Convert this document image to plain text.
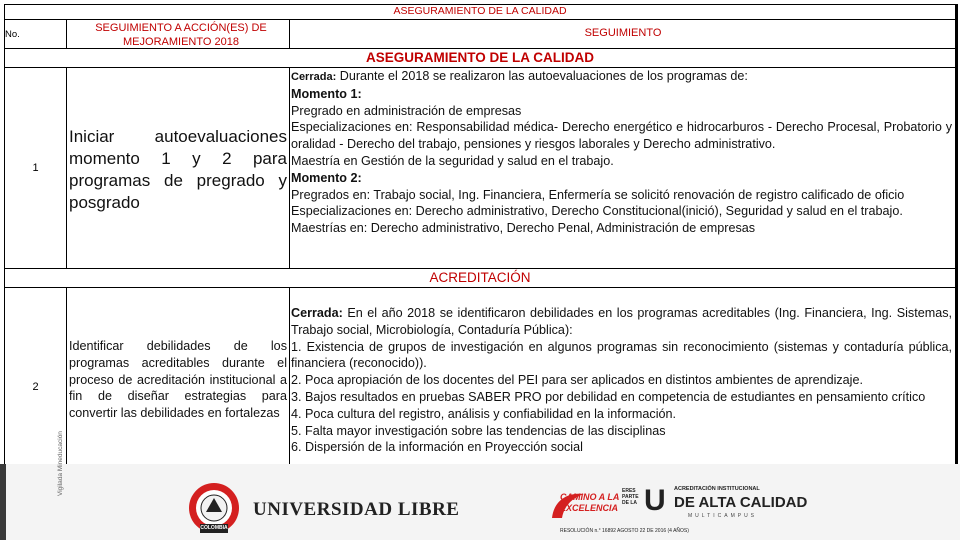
ASEGURAMIENTO DE LA CALIDAD
No.
SEGUIMIENTO A ACCIÓN(ES) DE MEJORAMIENTO 2018
SEGUIMIENTO
ASEGURAMIENTO DE LA CALIDAD
1
Iniciar autoevaluaciones momento 1 y 2 para programas de pregrado y posgrado
Cerrada: Durante el 2018 se realizaron las autoevaluaciones de los programas de:
Momento 1:
Pregrado en administración de empresas
Especializaciones en: Responsabilidad médica- Derecho energético e hidrocarburos - Derecho Procesal, Probatorio y oralidad - Derecho del trabajo, pensiones y riesgos laborales y Derecho administrativo.
Maestría en Gestión de la seguridad y salud en el trabajo.
Momento 2:
Pregrados en: Trabajo social, Ing. Financiera, Enfermería se solicitó renovación de registro calificado de oficio
Especializaciones en: Derecho administrativo, Derecho Constitucional(inició), Seguridad y salud en el trabajo.
Maestrías en: Derecho administrativo, Derecho Penal, Administración de empresas
ACREDITACIÓN
2
Identificar debilidades de los programas acreditables durante el proceso de acreditación institucional a fin de diseñar estrategias para convertir las debilidades en fortalezas
Cerrada: En el año 2018 se identificaron debilidades en los programas acreditables (Ing. Financiera, Ing. Sistemas, Trabajo social, Microbiología, Contaduría Pública):
1. Existencia de grupos de investigación en algunos programas sin reconocimiento (sistemas y contaduría pública, financiera (reconocido)).
2. Poca apropiación de los docentes del PEI para ser aplicados en distintos ambientes de aprendizaje.
3. Bajos resultados en pruebas SABER PRO por debilidad en competencia de estudiantes en pensamiento crítico
4. Poca cultura del registro, análisis y confiabilidad en la información.
5. Falta mayor investigación sobre las tendencias de las disciplinas
6. Dispersión de la información en Proyección social
Vigilada Mineducación
COLOMBIA
UNIVERSIDAD LIBRE
CAMINO A LA
EXCELENCIA
ERES PARTE DE LA U ACREDITACIÓN INSTITUCIONAL
DE ALTA CALIDAD
MULTICAMPUS
RESOLUCIÓN n.° 16892 AGOSTO 22 DE 2016 (4 AÑOS)
